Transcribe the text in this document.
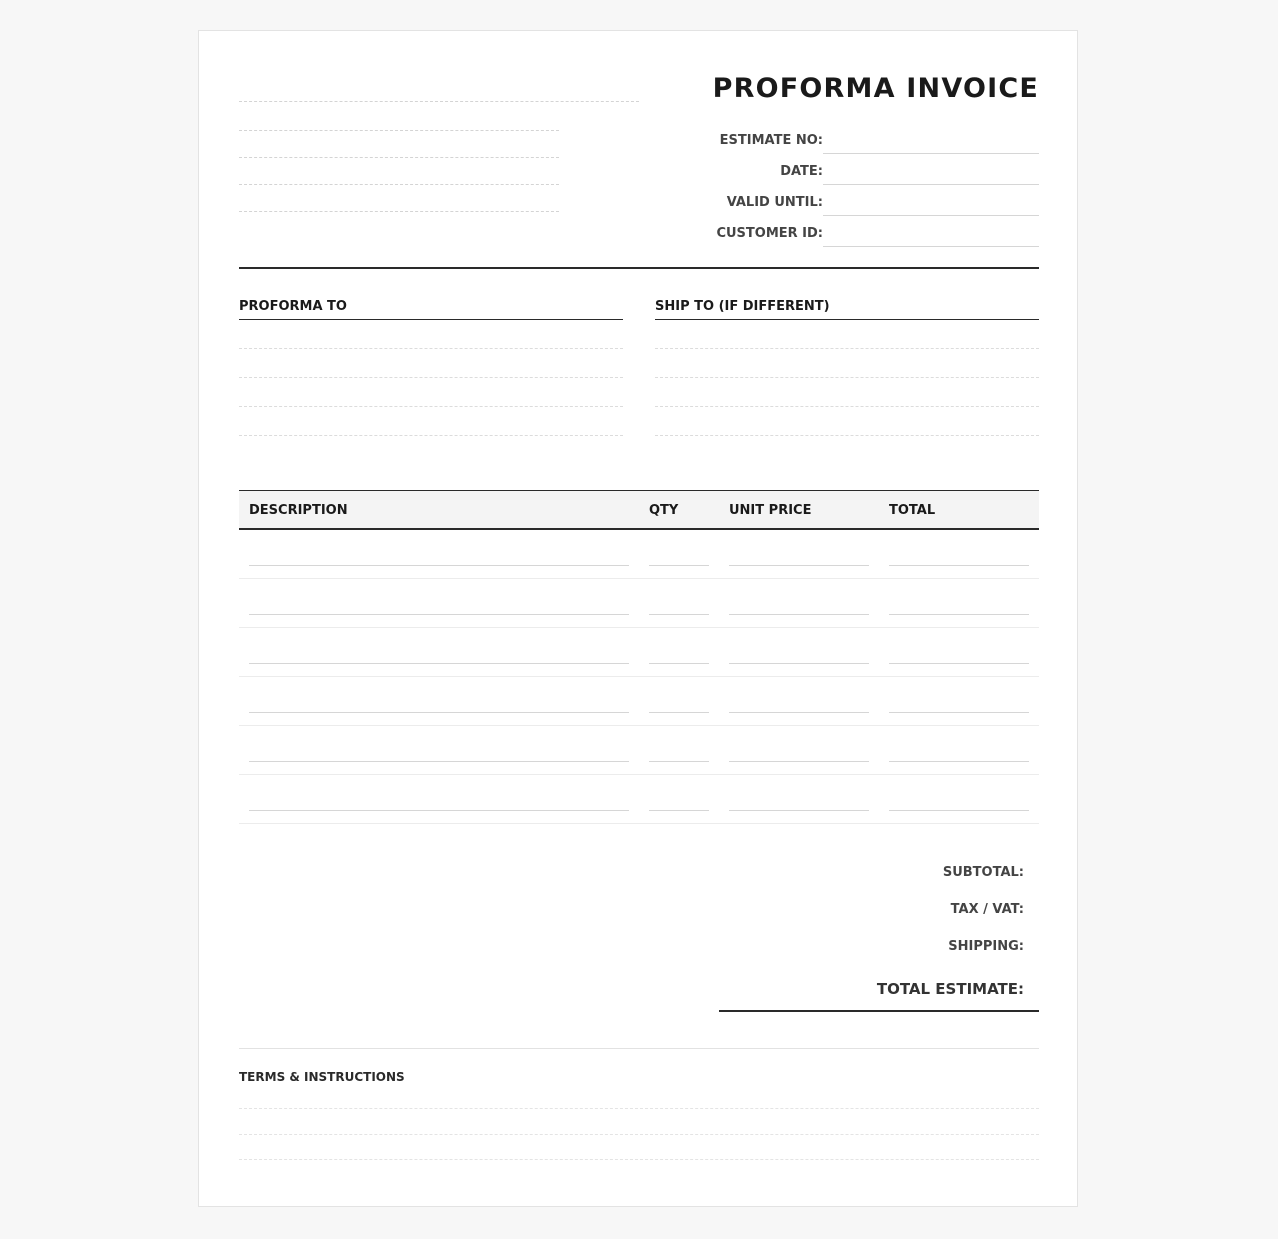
PROFORMA INVOICE
ESTIMATE NO:
DATE:
VALID UNTIL:
CUSTOMER ID:
PROFORMA TO	SHIP TO (IF DIFFERENT)
DESCRIPTION	QTY	UNIT PRICE	TOTAL
SUBTOTAL:
TAX / VAT:
SHIPPING:
TOTAL ESTIMATE:
TERMS & INSTRUCTIONS
